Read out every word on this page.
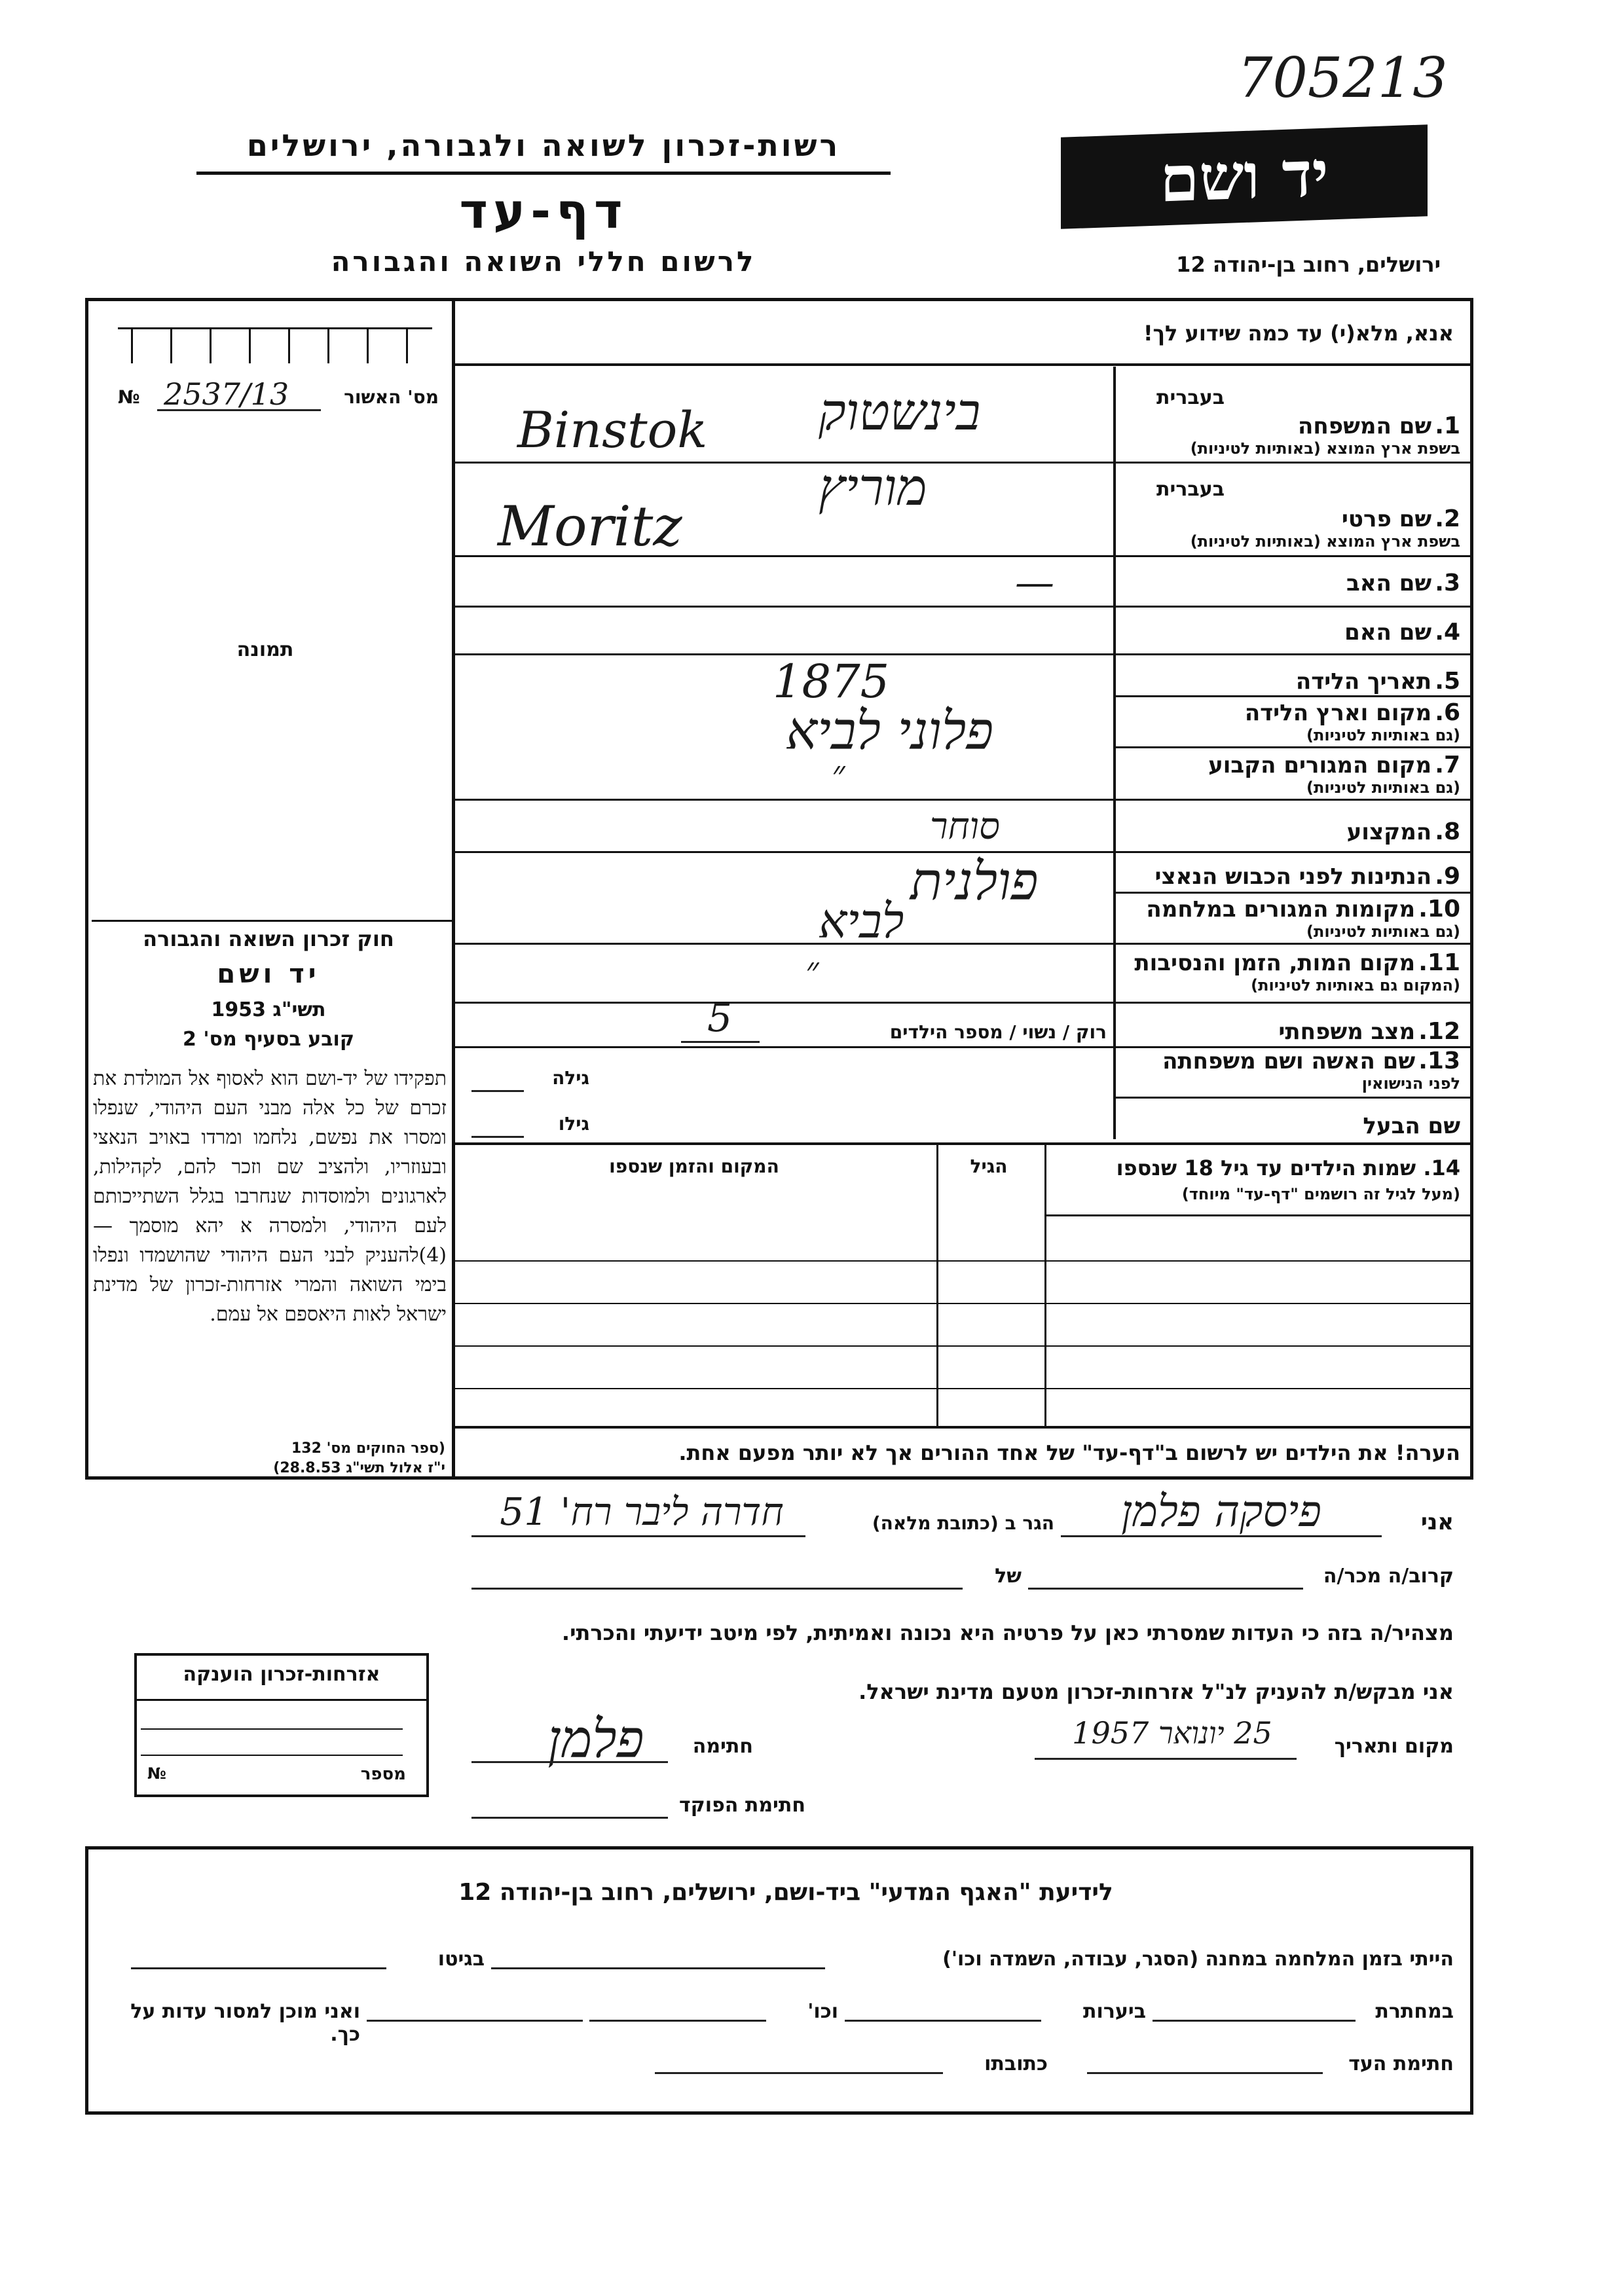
705213
רשות-זכרון לשואה ולגבורה, ירושלים
דף-עד
לרשום חללי השואה והגבורה
יד ושם
ירושלים, רחוב בן-יהודה 12
אנא, מלא(י) עד כמה שידוע לך!
№ 2537/13	מס' האשור
תמונה
חוק זכרון השואה והגבורה
יד ושם
תשי"ג 1953
קובע בסעיף מס' 2
תפקידו של יד-ושם הוא לאסוף אל המולדת את זכרם של כל אלה מבני העם היהודי, שנפלו ומסרו את נפשם, נלחמו ומרדו באויב הנאצי ובעוזריו, ולהציב שם וזכר להם, לקהילות, לארגונים ולמוסדות שנחרבו בגלל השתייכותם לעם היהודי, ולמסרה א יהא מוסמך — (4)להעניק לבני העם היהודי שהושמדו ונפלו בימי השואה והמרי אזרחות-זכרון של מדינת ישראל לאות היאספם אל עמם.
(ספר החוקים מס' 132
י"ז אלול תשי"ג 28.8.53)
בעברית
1. שם המשפחה
בשפת ארץ המוצא (באותיות לטיניות)
בעברית
2. שם פרטי
בשפת ארץ המוצא (באותיות לטיניות)
3. שם האב
4. שם האם
5. תאריך הלידה
6. מקום וארץ הלידה
(גם באותיות לטיניות)
7. מקום המגורים הקבוע
(גם באותיות לטיניות)
8. המקצוע
9. הנתינות לפני הכבוש הנאצי
10. מקומות המגורים במלחמה
(גם באותיות לטיניות)
11. מקום המות, הזמן והנסיבות
(המקום גם באותיות לטיניות)
12. מצב משפחתי
רוק / נשוי / מספר הילדים
13. שם האשה ושם משפחתה
לפני הנישואין
גילה
שם הבעל
גילו
בינשטוק
Binstok
מוריץ
Moritz
—
1875
פלוני לביא
״
סוחר
פולנית
לביא
״
5
14. שמות הילדים עד גיל 18 שנספו
(מעל לגיל זה רושמים "דף-עד" מיוחד)
הגיל
המקום והזמן שנספו
הערה! את הילדים יש לרשום ב"דף-עד" של אחד ההורים אך לא יותר מפעם אחת.
אני
פיסקה פלמן
הגר ב (כתובת מלאה)
חדרה ליבר רח' 51
קרוב/ה מכר/ה
של
מצהיר/ה בזה כי העדות שמסרתי כאן על פרטיה היא נכונה ואמיתית, לפי מיטב ידיעתי והכרתי.
אזרחות-זכרון הוענקה
№	מספר
אני מבקש/ת להעניק לנ"ל אזרחות-זכרון מטעם מדינת ישראל.
מקום ותאריך
25 יונואר 1957
חתימה
פלמן
חתימת הפוקד
לידיעת "האגף המדעי" ביד-ושם, ירושלים, רחוב בן-יהודה 12
הייתי בזמן המלחמה במחנה (הסגר, עבודה, השמדה וכו')
בגיטו
במחתרת
ביערות
וכו'
ואני מוכן למסור עדות על כך.
חתימת העד
כתובתו
